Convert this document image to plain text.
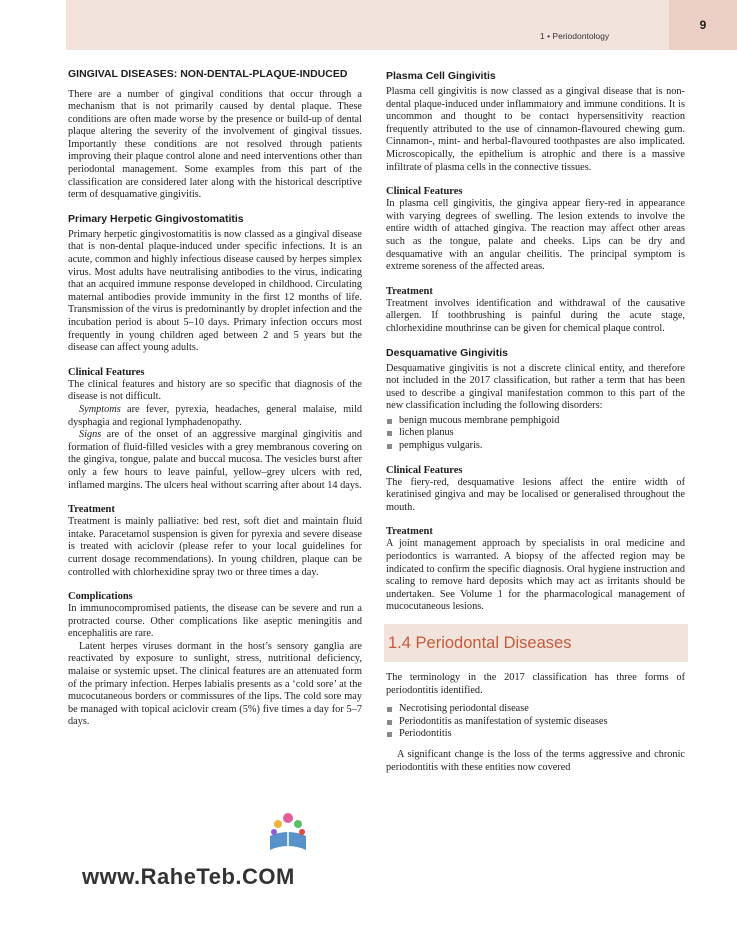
1 • Periodontology
9
GINGIVAL DISEASES: NON-DENTAL-PLAQUE-INDUCED

There are a number of gingival conditions that occur through a mechanism that is not primarily caused by dental plaque. These conditions are often made worse by the presence or build-up of dental plaque altering the severity of the involvement of gingival tissues. Importantly these conditions are not resolved through patients improving their plaque control alone and need interventions other than periodontal management. Some examples from this part of the classification are considered later along with the historical descriptive term of desquamative gingivitis.

Primary Herpetic Gingivostomatitis

Primary herpetic gingivostomatitis is now classed as a gingival disease that is non-dental plaque-induced under specific infections. It is an acute, common and highly infectious disease caused by herpes simplex virus. Most adults have neutralising antibodies to the virus, indicating that an acquired immune response developed in childhood. Circulating maternal antibodies provide immunity in the first 12 months of life. Transmission of the virus is predominantly by droplet infection and the incubation period is about 5–10 days. Primary infection occurs most frequently in young children aged between 2 and 5 years but the disease can affect young adults.

Clinical Features

The clinical features and history are so specific that diagnosis of the disease is not difficult.

Symptoms are fever, pyrexia, headaches, general malaise, mild dysphagia and regional lymphadenopathy.

Signs are of the onset of an aggressive marginal gingivitis and formation of fluid-filled vesicles with a grey membranous covering on the gingiva, tongue, palate and buccal mucosa. The vesicles burst after only a few hours to leave painful, yellow–grey ulcers with red, inflamed margins. The ulcers heal without scarring after about 14 days.

Treatment

Treatment is mainly palliative: bed rest, soft diet and maintain fluid intake. Paracetamol suspension is given for pyrexia and severe disease is treated with aciclovir (please refer to your local guidelines for current dosage recommendations). In young children, plaque can be controlled with chlorhexidine spray two or three times a day.

Complications

In immunocompromised patients, the disease can be severe and run a protracted course. Other complications like aseptic meningitis and encephalitis are rare.

Latent herpes viruses dormant in the host’s sensory ganglia are reactivated by exposure to sunlight, stress, nutritional deficiency, malaise or systemic upset. The clinical features are an attenuated form of the primary infection. Herpes labialis presents as a ‘cold sore’ at the mucocutaneous borders or commissures of the lips. The cold sore may be managed with topical aciclovir cream (5%) five times a day for 5–7 days.

Plasma Cell Gingivitis

Plasma cell gingivitis is now classed as a gingival disease that is non-dental plaque-induced under inflammatory and immune conditions. It is uncommon and thought to be contact hypersensitivity reaction frequently attributed to the use of cinnamon-flavoured chewing gum. Cinnamon-, mint- and herbal-flavoured toothpastes are also implicated. Microscopically, the epithelium is atrophic and there is a massive infiltrate of plasma cells in the connective tissues.

Clinical Features

In plasma cell gingivitis, the gingiva appear fiery-red in appearance with varying degrees of swelling. The lesion extends to involve the entire width of attached gingiva. The reaction may affect other areas such as the tongue, palate and cheeks. Lips can be dry and desquamative with an angular cheilitis. The principal symptom is extreme soreness of the affected areas.

Treatment

Treatment involves identification and withdrawal of the causative allergen. If toothbrushing is painful during the acute stage, chlorhexidine mouthrinse can be given for chemical plaque control.

Desquamative Gingivitis

Desquamative gingivitis is not a discrete clinical entity, and therefore not included in the 2017 classification, but rather a term that has been used to describe a gingival manifestation common to this part of the new classification including the following disorders:

benign mucous membrane pemphigoid
lichen planus
pemphigus vulgaris.
Clinical Features

The fiery-red, desquamative lesions affect the entire width of keratinised gingiva and may be localised or generalised throughout the mouth.

Treatment

A joint management approach by specialists in oral medicine and periodontics is warranted. A biopsy of the affected region may be indicated to confirm the specific diagnosis. Oral hygiene instruction and scaling to remove hard deposits which may act as irritants should be undertaken. See Volume 1 for the pharmacological management of mucocutaneous lesions.

1.4 Periodontal Diseases

The terminology in the 2017 classification has three forms of periodontitis identified.

Necrotising periodontal disease
Periodontitis as manifestation of systemic diseases
Periodontitis

A significant change is the loss of the terms aggressive and chronic periodontitis with these entities now covered

www.RaheTeb.COM
